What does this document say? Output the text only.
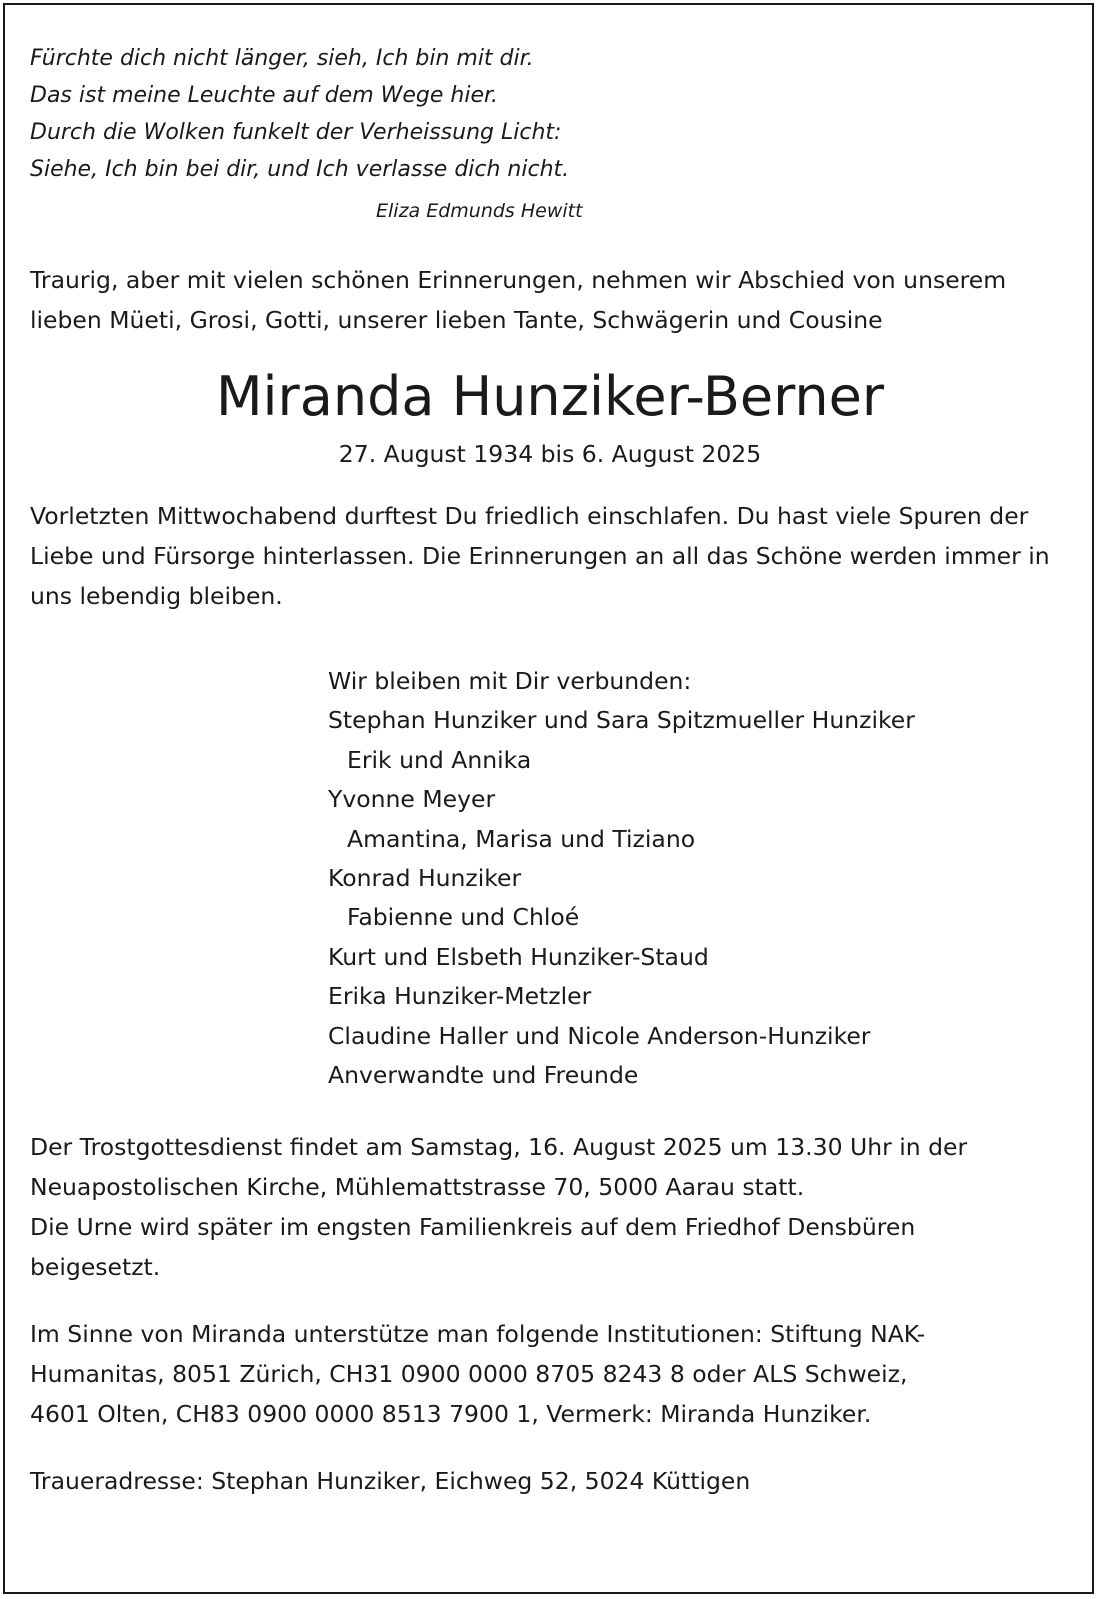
Fürchte dich nicht länger, sieh, Ich bin mit dir.
Das ist meine Leuchte auf dem Wege hier.
Durch die Wolken funkelt der Verheissung Licht:
Siehe, Ich bin bei dir, und Ich verlasse dich nicht.

Eliza Edmunds Hewitt

Traurig, aber mit vielen schönen Erinnerungen, nehmen wir Abschied von unserem lieben Müeti, Grosi, Gotti, unserer lieben Tante, Schwägerin und Cousine

Miranda Hunziker-Berner

27. August 1934 bis 6. August 2025

Vorletzten Mittwochabend durftest Du friedlich einschlafen. Du hast viele Spuren der Liebe und Fürsorge hinterlassen. Die Erinnerungen an all das Schöne werden immer in uns lebendig bleiben.

Wir bleiben mit Dir verbunden:
Stephan Hunziker und Sara Spitzmueller Hunziker
Erik und Annika
Yvonne Meyer
Amantina, Marisa und Tiziano
Konrad Hunziker
Fabienne und Chloé
Kurt und Elsbeth Hunziker-Staud
Erika Hunziker-Metzler
Claudine Haller und Nicole Anderson-Hunziker
Anverwandte und Freunde

Der Trostgottesdienst findet am Samstag, 16. August 2025 um 13.30 Uhr in der
Neuapostolischen Kirche, Mühlemattstrasse 70, 5000 Aarau statt.
Die Urne wird später im engsten Familienkreis auf dem Friedhof Densbüren
beigesetzt.

Im Sinne von Miranda unterstütze man folgende Institutionen: Stiftung NAK-
Humanitas, 8051 Zürich, CH31 0900 0000 8705 8243 8 oder ALS Schweiz,
4601 Olten, CH83 0900 0000 8513 7900 1, Vermerk: Miranda Hunziker.

Traueradresse: Stephan Hunziker, Eichweg 52, 5024 Küttigen
